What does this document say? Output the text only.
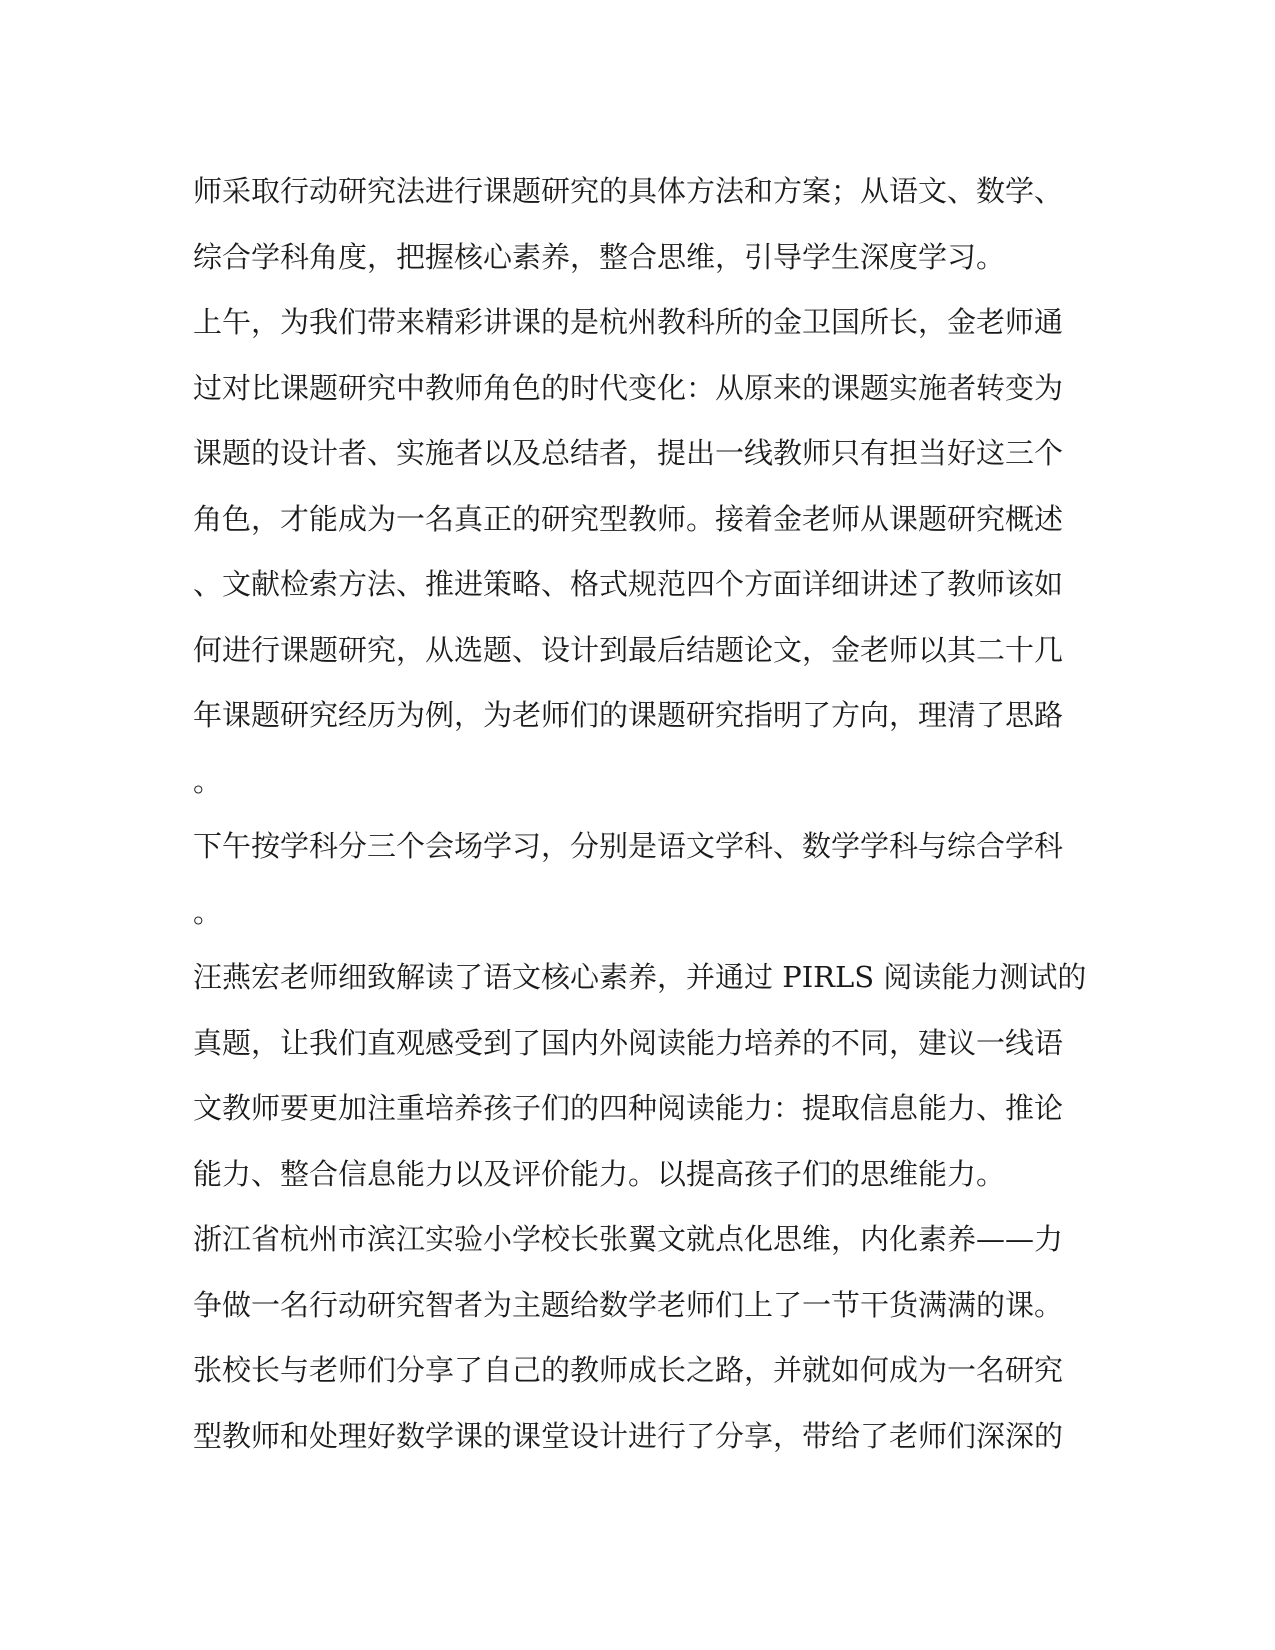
师采取行动研究法进行课题研究的具体方法和方案；从语文、数学、
综合学科角度，把握核心素养，整合思维，引导学生深度学习。
上午，为我们带来精彩讲课的是杭州教科所的金卫国所长，金老师通
过对比课题研究中教师角色的时代变化：从原来的课题实施者转变为
课题的设计者、实施者以及总结者，提出一线教师只有担当好这三个
角色，才能成为一名真正的研究型教师。接着金老师从课题研究概述
、文献检索方法、推进策略、格式规范四个方面详细讲述了教师该如
何进行课题研究，从选题、设计到最后结题论文，金老师以其二十几
年课题研究经历为例，为老师们的课题研究指明了方向，理清了思路
。
下午按学科分三个会场学习，分别是语文学科、数学学科与综合学科
。
汪燕宏老师细致解读了语文核心素养，并通过 PIRLS 阅读能力测试的
真题，让我们直观感受到了国内外阅读能力培养的不同，建议一线语
文教师要更加注重培养孩子们的四种阅读能力：提取信息能力、推论
能力、整合信息能力以及评价能力。以提高孩子们的思维能力。
浙江省杭州市滨江实验小学校长张翼文就点化思维，内化素养——力
争做一名行动研究智者为主题给数学老师们上了一节干货满满的课。
张校长与老师们分享了自己的教师成长之路，并就如何成为一名研究
型教师和处理好数学课的课堂设计进行了分享，带给了老师们深深的
